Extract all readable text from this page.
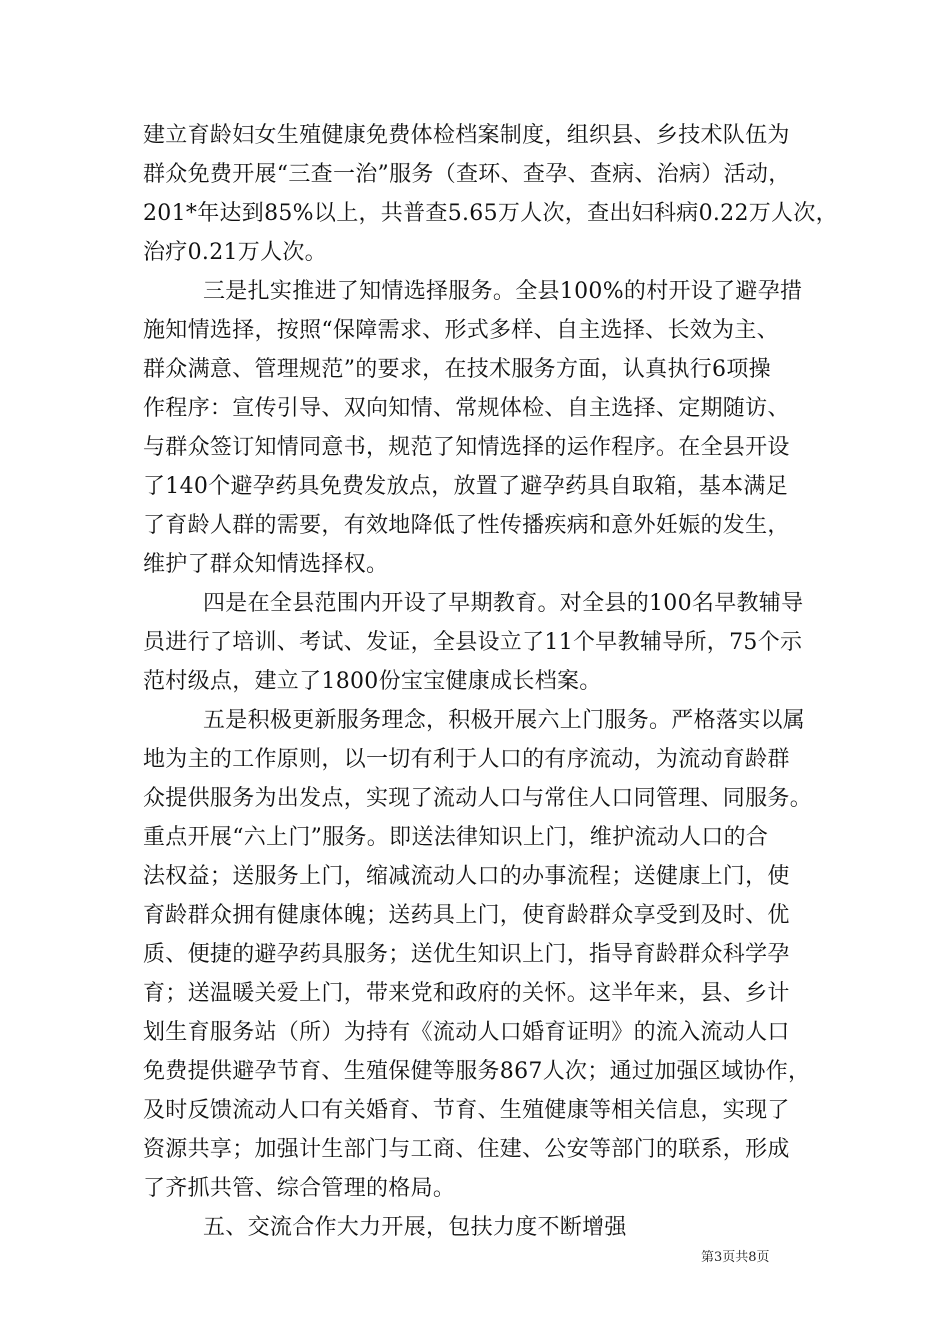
建立育龄妇女生殖健康免费体检档案制度，组织县、乡技术队伍为
群众免费开展“三查一治”服务（查环、查孕、查病、治病）活动，
201*年达到85%以上，共普查5.65万人次，查出妇科病0.22万人次，
治疗0.21万人次。
三是扎实推进了知情选择服务。全县100%的村开设了避孕措
施知情选择，按照“保障需求、形式多样、自主选择、长效为主、
群众满意、管理规范”的要求，在技术服务方面，认真执行6项操
作程序：宣传引导、双向知情、常规体检、自主选择、定期随访、
与群众签订知情同意书，规范了知情选择的运作程序。在全县开设
了140个避孕药具免费发放点，放置了避孕药具自取箱，基本满足
了育龄人群的需要，有效地降低了性传播疾病和意外妊娠的发生，
维护了群众知情选择权。
四是在全县范围内开设了早期教育。对全县的100名早教辅导
员进行了培训、考试、发证，全县设立了11个早教辅导所，75个示
范村级点，建立了1800份宝宝健康成长档案。
五是积极更新服务理念，积极开展六上门服务。严格落实以属
地为主的工作原则，以一切有利于人口的有序流动，为流动育龄群
众提供服务为出发点，实现了流动人口与常住人口同管理、同服务。
重点开展“六上门”服务。即送法律知识上门，维护流动人口的合
法权益；送服务上门，缩减流动人口的办事流程；送健康上门，使
育龄群众拥有健康体魄；送药具上门，使育龄群众享受到及时、优
质、便捷的避孕药具服务；送优生知识上门，指导育龄群众科学孕
育；送温暖关爱上门，带来党和政府的关怀。这半年来，县、乡计
划生育服务站（所）为持有《流动人口婚育证明》的流入流动人口
免费提供避孕节育、生殖保健等服务867人次；通过加强区域协作，
及时反馈流动人口有关婚育、节育、生殖健康等相关信息，实现了
资源共享；加强计生部门与工商、住建、公安等部门的联系，形成
了齐抓共管、综合管理的格局。
五、交流合作大力开展，包扶力度不断增强
第3页共8页
